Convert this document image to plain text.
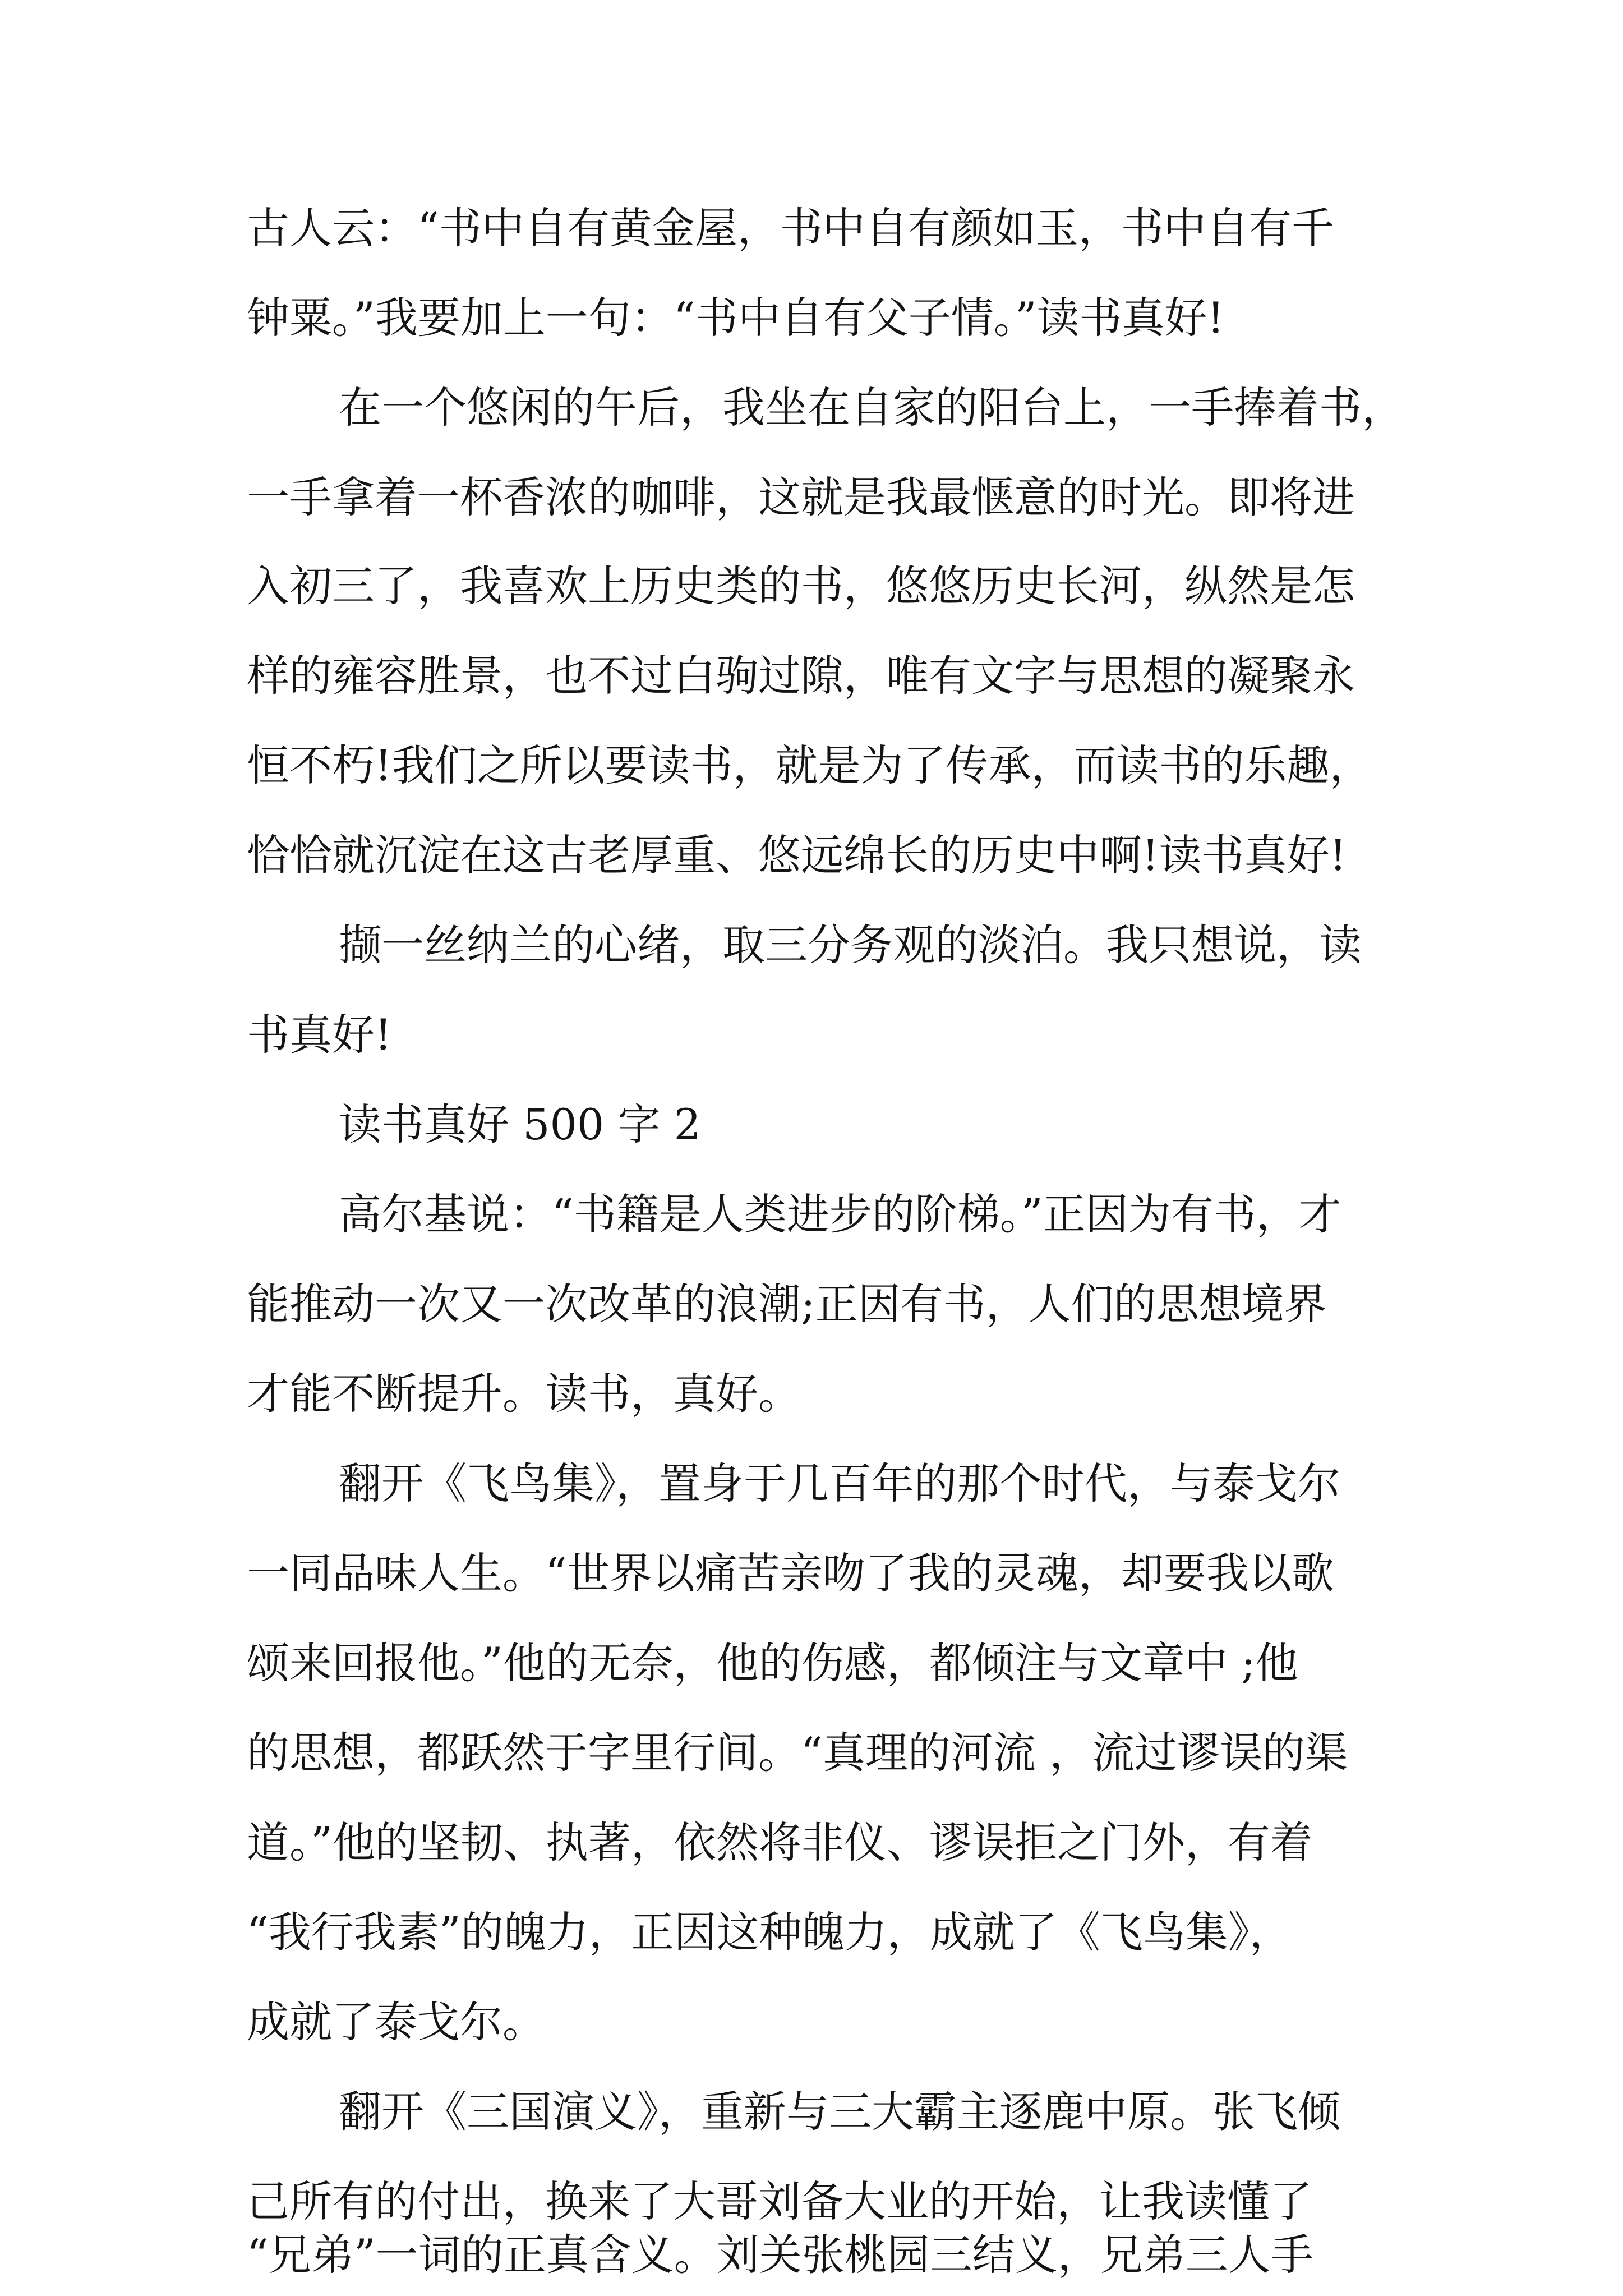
古人云：“书中自有黄金屋，书中自有颜如玉，书中自有千
钟粟。”我要加上一句：“书中自有父子情。”读书真好!
在一个悠闲的午后，我坐在自家的阳台上，一手捧着书，
一手拿着一杯香浓的咖啡，这就是我最惬意的时光。即将进
入初三了，我喜欢上历史类的书，悠悠历史长河，纵然是怎
样的雍容胜景，也不过白驹过隙，唯有文字与思想的凝聚永
恒不朽!我们之所以要读书，就是为了传承，而读书的乐趣，
恰恰就沉淀在这古老厚重、悠远绵长的历史中啊!读书真好!
撷一丝纳兰的心绪，取三分务观的淡泊。我只想说，读
书真好!
读书真好 500 字 2
高尔基说：“书籍是人类进步的阶梯。”正因为有书，才
能推动一次又一次改革的浪潮;正因有书，人们的思想境界
才能不断提升。读书，真好。
翻开《飞鸟集》，置身于几百年的那个时代，与泰戈尔
一同品味人生。“世界以痛苦亲吻了我的灵魂，却要我以歌
颂来回报他。”他的无奈，他的伤感，都倾注与文章中 ;他
的思想，都跃然于字里行间。“真理的河流 ，流过谬误的渠
道。”他的坚韧、执著，依然将非仪、谬误拒之门外，有着
“我行我素”的魄力，正因这种魄力，成就了《飞鸟集》，
成就了泰戈尔。
翻开《三国演义》，重新与三大霸主逐鹿中原。张飞倾
己所有的付出，换来了大哥刘备大业的开始，让我读懂了
“兄弟”一词的正真含义。刘关张桃园三结义，兄弟三人手
